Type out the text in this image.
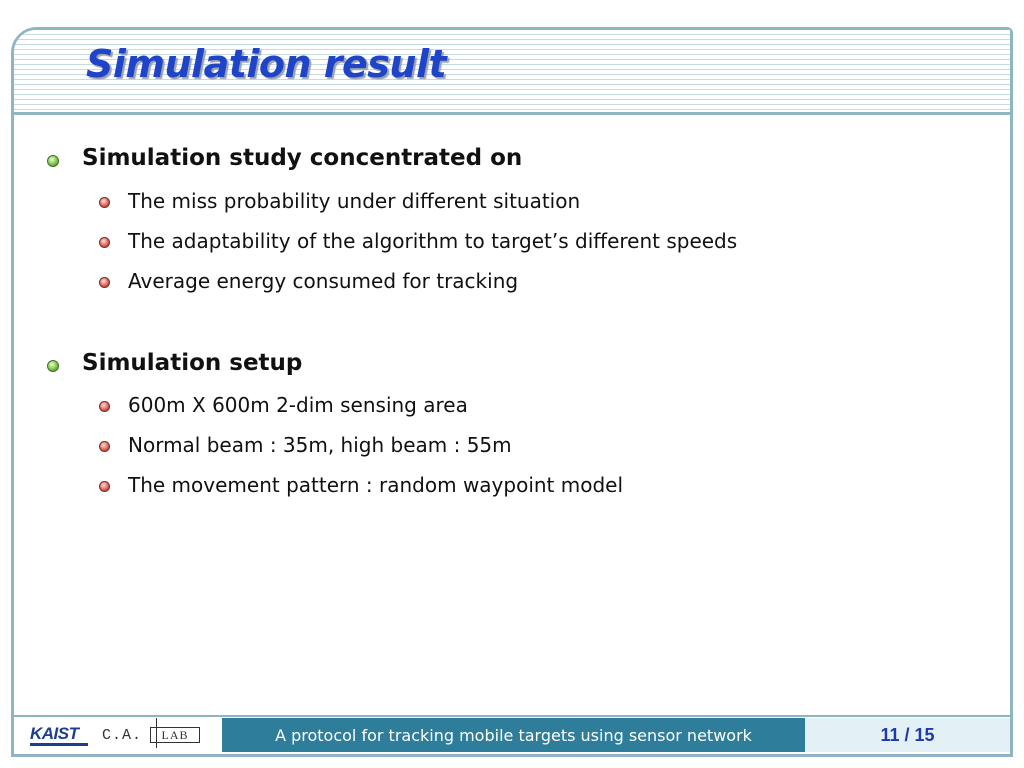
Simulation result
Simulation study concentrated on
The miss probability under different situation
The adaptability of the algorithm to target’s different speeds
Average energy consumed for tracking
Simulation setup
600m X 600m 2-dim sensing area
Normal beam : 35m, high beam : 55m
The movement pattern : random waypoint model
KAIST C.A.	LAB	A protocol for tracking mobile targets using sensor network	11 / 15
